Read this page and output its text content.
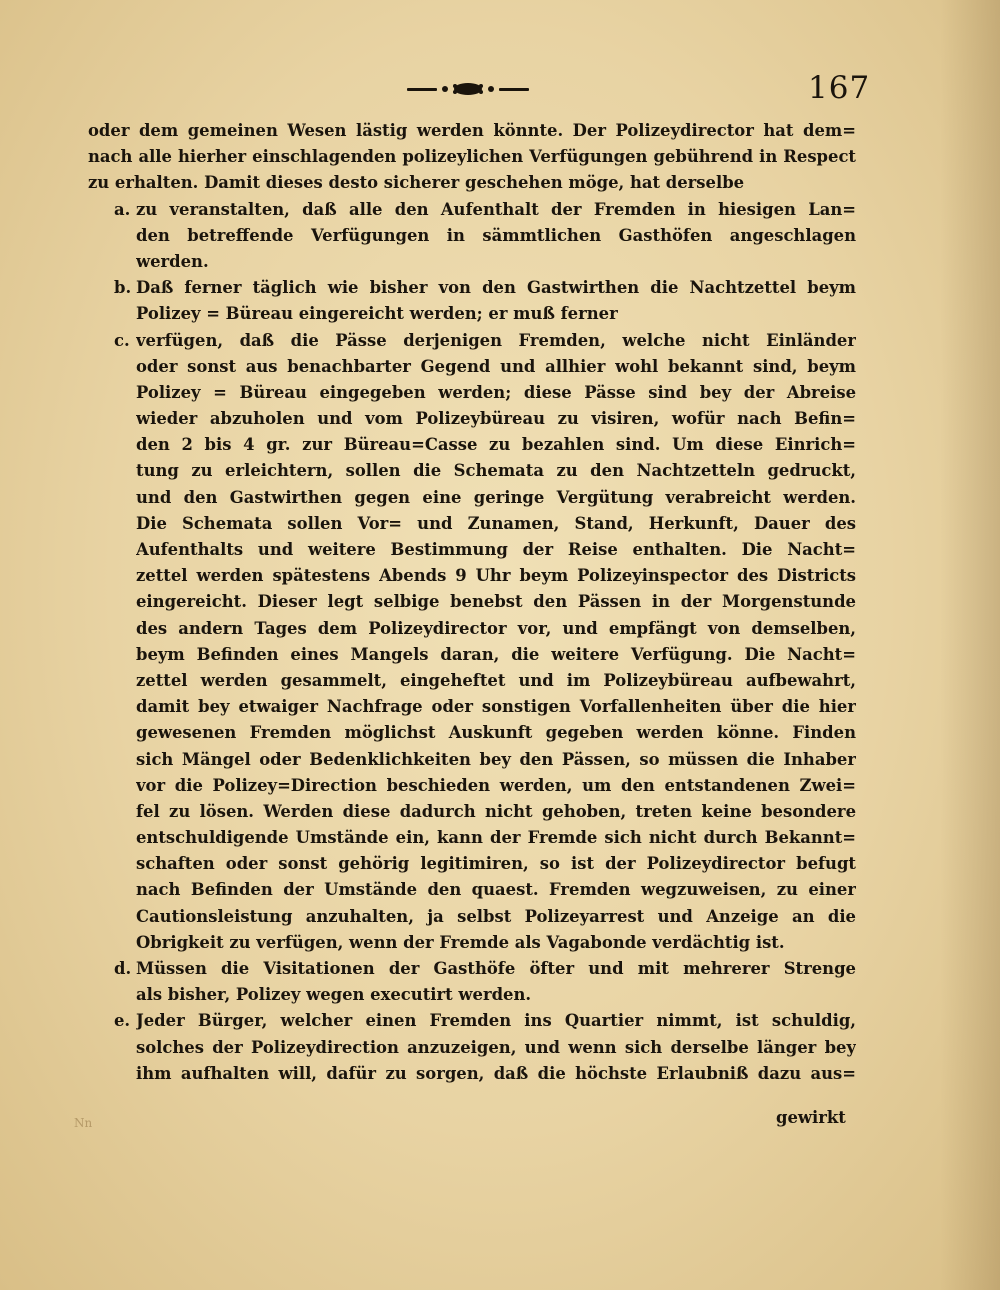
167
oder dem gemeinen Wesen lästig werden könnte. Der Polizeydirector hat dem=
nach alle hierher einschlagenden polizeylichen Verfügungen gebührend in Respect
zu erhalten. Damit dieses desto sicherer geschehen möge, hat derselbe
a. zu veranstalten, daß alle den Aufenthalt der Fremden in hiesigen Lan=
den betreffende Verfügungen in sämmtlichen Gasthöfen angeschlagen
werden.
b. Daß ferner täglich wie bisher von den Gastwirthen die Nachtzettel beym
Polizey = Büreau eingereicht werden; er muß ferner
c. verfügen, daß die Pässe derjenigen Fremden, welche nicht Einländer
oder sonst aus benachbarter Gegend und allhier wohl bekannt sind, beym
Polizey = Büreau eingegeben werden; diese Pässe sind bey der Abreise
wieder abzuholen und vom Polizeybüreau zu visiren, wofür nach Befin=
den 2 bis 4 gr. zur Büreau=Casse zu bezahlen sind. Um diese Einrich=
tung zu erleichtern, sollen die Schemata zu den Nachtzetteln gedruckt,
und den Gastwirthen gegen eine geringe Vergütung verabreicht werden.
Die Schemata sollen Vor= und Zunamen, Stand, Herkunft, Dauer des
Aufenthalts und weitere Bestimmung der Reise enthalten. Die Nacht=
zettel werden spätestens Abends 9 Uhr beym Polizeyinspector des Districts
eingereicht. Dieser legt selbige benebst den Pässen in der Morgenstunde
des andern Tages dem Polizeydirector vor, und empfängt von demselben,
beym Befinden eines Mangels daran, die weitere Verfügung. Die Nacht=
zettel werden gesammelt, eingeheftet und im Polizeybüreau aufbewahrt,
damit bey etwaiger Nachfrage oder sonstigen Vorfallenheiten über die hier
gewesenen Fremden möglichst Auskunft gegeben werden könne. Finden
sich Mängel oder Bedenklichkeiten bey den Pässen, so müssen die Inhaber
vor die Polizey=Direction beschieden werden, um den entstandenen Zwei=
fel zu lösen. Werden diese dadurch nicht gehoben, treten keine besondere
entschuldigende Umstände ein, kann der Fremde sich nicht durch Bekannt=
schaften oder sonst gehörig legitimiren, so ist der Polizeydirector befugt
nach Befinden der Umstände den quaest. Fremden wegzuweisen, zu einer
Cautionsleistung anzuhalten, ja selbst Polizeyarrest und Anzeige an die
Obrigkeit zu verfügen, wenn der Fremde als Vagabonde verdächtig ist.
d. Müssen die Visitationen der Gasthöfe öfter und mit mehrerer Strenge
als bisher, Polizey wegen executirt werden.
e. Jeder Bürger, welcher einen Fremden ins Quartier nimmt, ist schuldig,
solches der Polizeydirection anzuzeigen, und wenn sich derselbe länger bey
ihm aufhalten will, dafür zu sorgen, daß die höchste Erlaubniß dazu aus=
Nn	gewirkt
